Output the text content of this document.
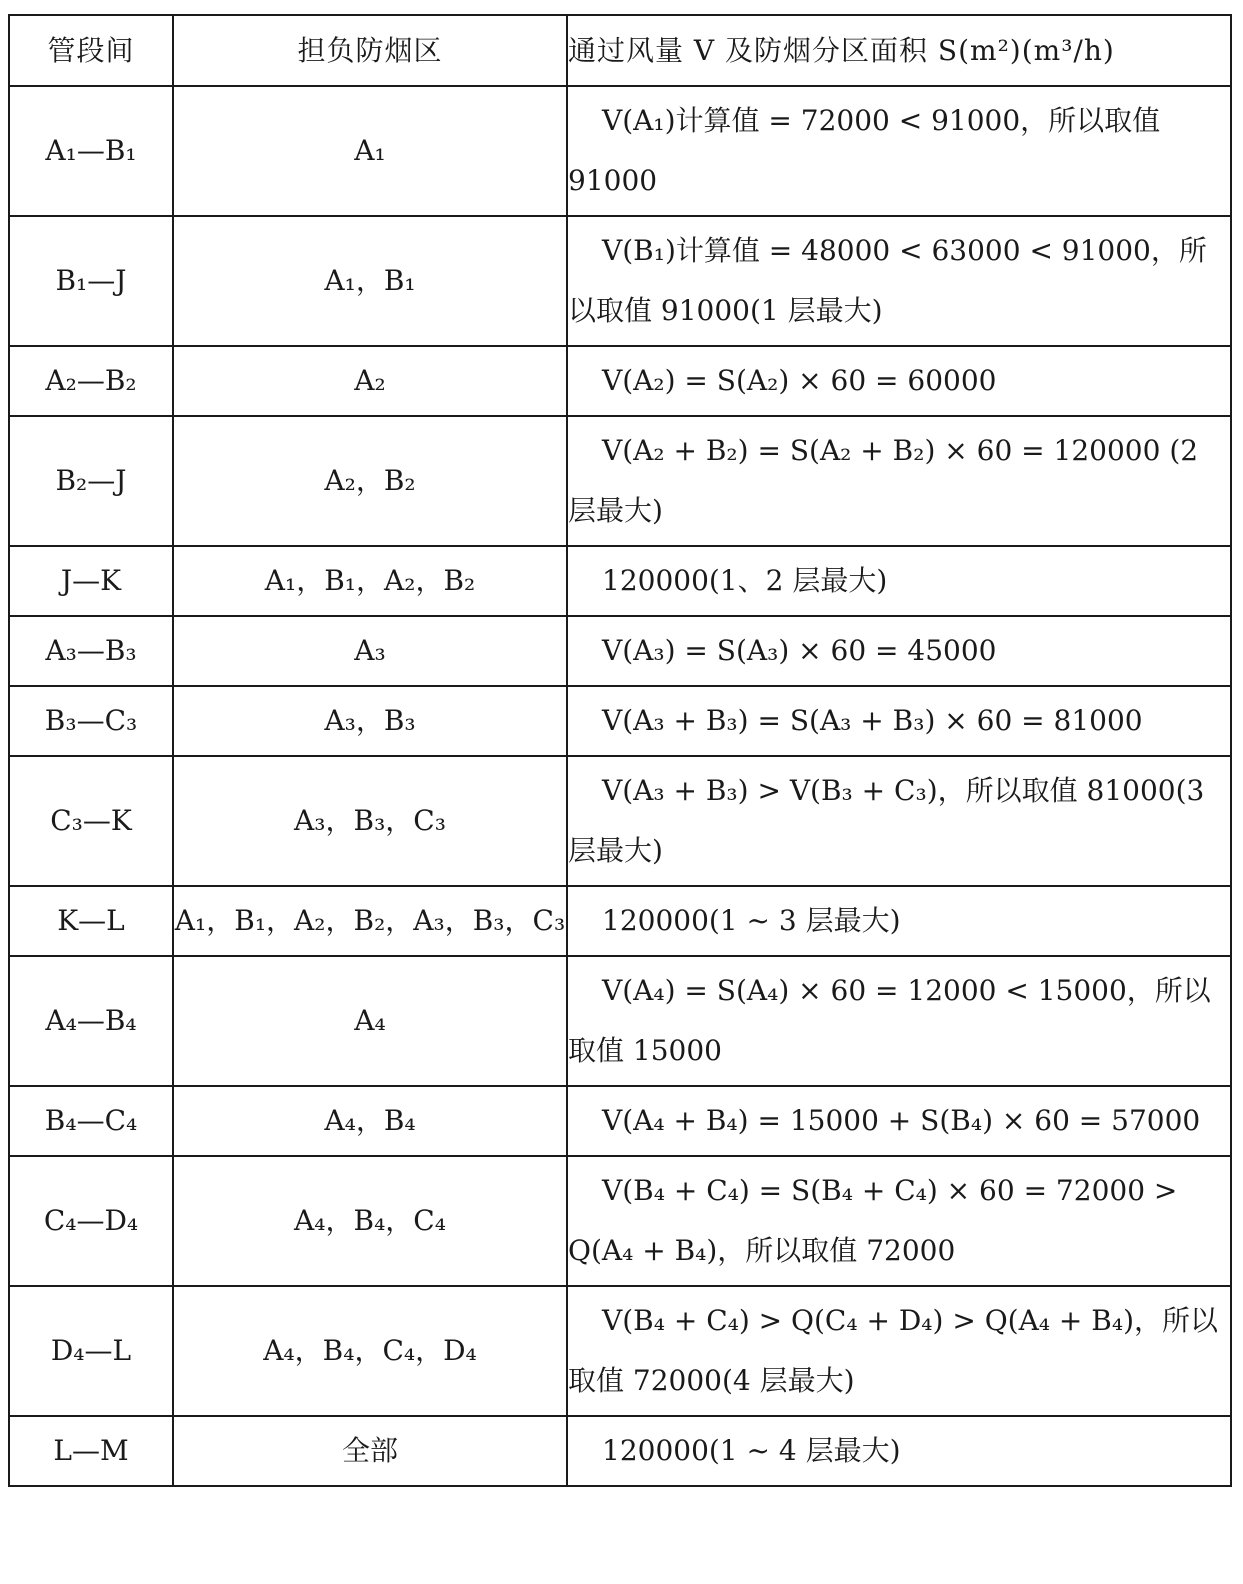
管段间	担负防烟区	通过风量 V 及防烟分区面积 S(m²)(m³/h)
A₁—B₁	A₁	V(A₁)计算值 = 72000 < 91000，所以取值 91000
B₁—J	A₁，B₁	V(B₁)计算值 = 48000 < 63000 < 91000，所以取值 91000(1 层最大)
A₂—B₂	A₂	V(A₂) = S(A₂) × 60 = 60000
B₂—J	A₂，B₂	V(A₂ + B₂) = S(A₂ + B₂) × 60 = 120000 (2 层最大)
J—K	A₁，B₁，A₂，B₂	120000(1、2 层最大)
A₃—B₃	A₃	V(A₃) = S(A₃) × 60 = 45000
B₃—C₃	A₃，B₃	V(A₃ + B₃) = S(A₃ + B₃) × 60 = 81000
C₃—K	A₃，B₃，C₃	V(A₃ + B₃) > V(B₃ + C₃)，所以取值 81000(3 层最大)
K—L	A₁，B₁，A₂，B₂，A₃，B₃，C₃	120000(1 ~ 3 层最大)
A₄—B₄	A₄	V(A₄) = S(A₄) × 60 = 12000 < 15000，所以取值 15000
B₄—C₄	A₄，B₄	V(A₄ + B₄) = 15000 + S(B₄) × 60 = 57000
C₄—D₄	A₄，B₄，C₄	V(B₄ + C₄) = S(B₄ + C₄) × 60 = 72000 > Q(A₄ + B₄)，所以取值 72000
D₄—L	A₄，B₄，C₄，D₄	V(B₄ + C₄) > Q(C₄ + D₄) > Q(A₄ + B₄)，所以取值 72000(4 层最大)
L—M	全部	120000(1 ~ 4 层最大)
